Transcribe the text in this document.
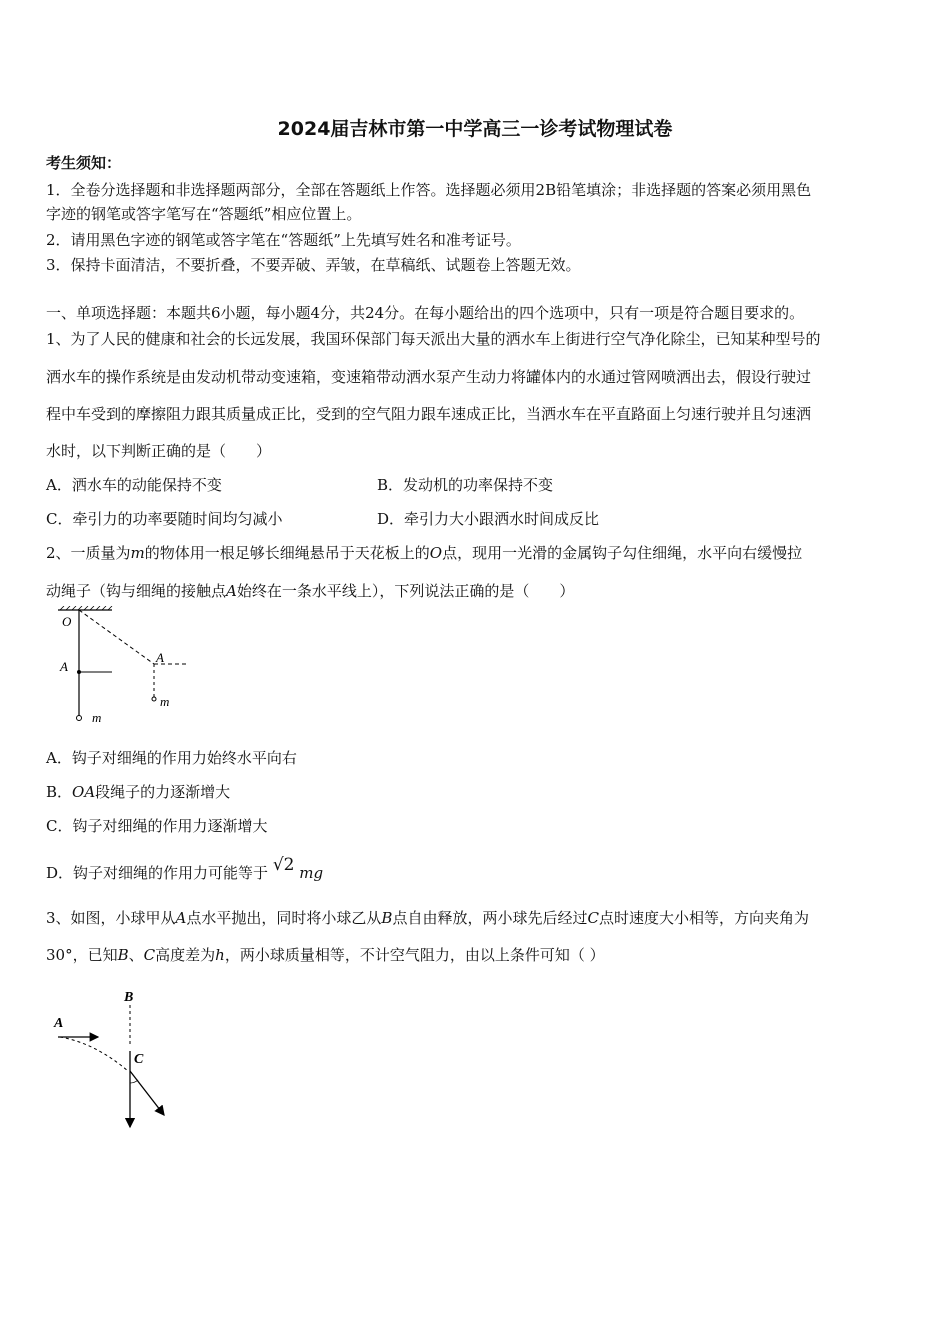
2024届吉林市第一中学高三一诊考试物理试卷
考生须知：
1．全卷分选择题和非选择题两部分，全部在答题纸上作答。选择题必须用2B铅笔填涂；非选择题的答案必须用黑色
字迹的钢笔或答字笔写在“答题纸”相应位置上。
2．请用黑色字迹的钢笔或答字笔在“答题纸”上先填写姓名和准考证号。
3．保持卡面清洁，不要折叠，不要弄破、弄皱，在草稿纸、试题卷上答题无效。
一、单项选择题：本题共6小题，每小题4分，共24分。在每小题给出的四个选项中，只有一项是符合题目要求的。
1、为了人民的健康和社会的长远发展，我国环保部门每天派出大量的洒水车上街进行空气净化除尘，已知某种型号的
洒水车的操作系统是由发动机带动变速箱，变速箱带动洒水泵产生动力将罐体内的水通过管网喷洒出去，假设行驶过
程中车受到的摩擦阻力跟其质量成正比，受到的空气阻力跟车速成正比，当洒水车在平直路面上匀速行驶并且匀速洒
水时，以下判断正确的是（　　）
A．洒水车的动能保持不变	B．发动机的功率保持不变
C．牵引力的功率要随时间均匀减小	D．牵引力大小跟洒水时间成反比
2、一质量为m的物体用一根足够长细绳悬吊于天花板上的O点，现用一光滑的金属钩子勾住细绳，水平向右缓慢拉
动绳子（钩与细绳的接触点A始终在一条水平线上），下列说法正确的是（　　）
O
A
A
m
m
A．钩子对细绳的作用力始终水平向右
B．OA段绳子的力逐渐增大
C．钩子对细绳的作用力逐渐增大
D．钩子对细绳的作用力可能等于 √2 mg
3、如图，小球甲从A点水平抛出，同时将小球乙从B点自由释放，两小球先后经过C点时速度大小相等，方向夹角为
30°，已知B、C高度差为h，两小球质量相等，不计空气阻力，由以上条件可知（ ）
B
A
C
